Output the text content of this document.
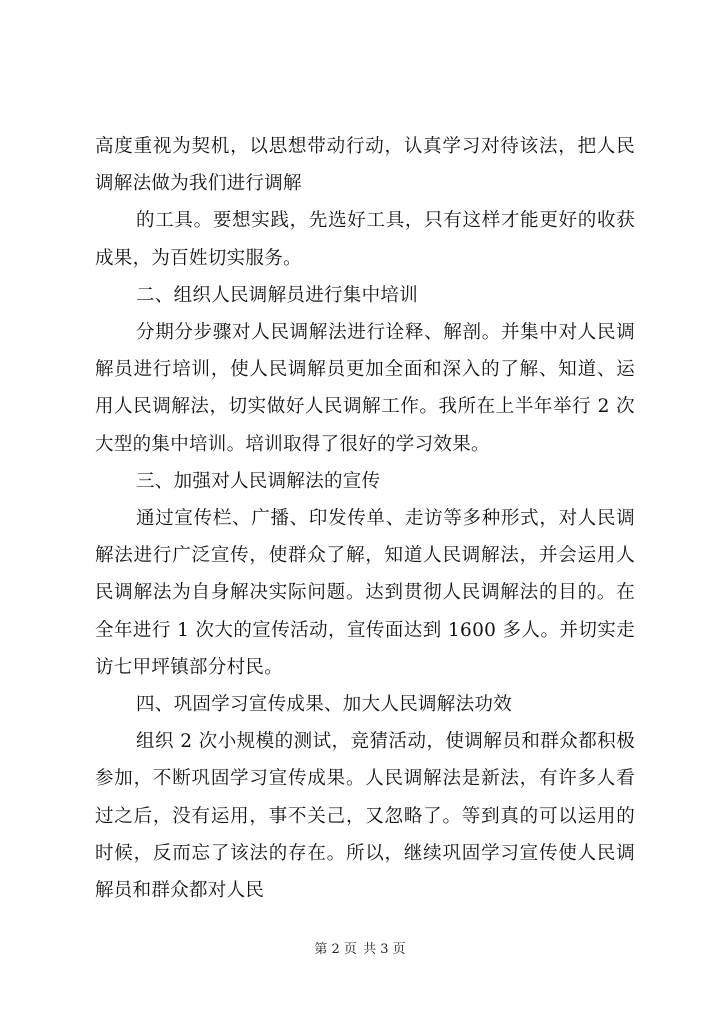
高度重视为契机，以思想带动行动，认真学习对待该法，把人民调解法做为我们进行调解

的工具。要想实践，先选好工具，只有这样才能更好的收获成果，为百姓切实服务。

二、组织人民调解员进行集中培训

分期分步骤对人民调解法进行诠释、解剖。并集中对人民调解员进行培训，使人民调解员更加全面和深入的了解、知道、运用人民调解法，切实做好人民调解工作。我所在上半年举行 2 次大型的集中培训。培训取得了很好的学习效果。

三、加强对人民调解法的宣传

通过宣传栏、广播、印发传单、走访等多种形式，对人民调解法进行广泛宣传，使群众了解，知道人民调解法，并会运用人民调解法为自身解决实际问题。达到贯彻人民调解法的目的。在全年进行 1 次大的宣传活动，宣传面达到 1600 多人。并切实走访七甲坪镇部分村民。

四、巩固学习宣传成果、加大人民调解法功效

组织 2 次小规模的测试，竞猜活动，使调解员和群众都积极参加，不断巩固学习宣传成果。人民调解法是新法，有许多人看过之后，没有运用，事不关己，又忽略了。等到真的可以运用的时候，反而忘了该法的存在。所以，继续巩固学习宣传使人民调解员和群众都对人民

第 2 页 共 3 页
